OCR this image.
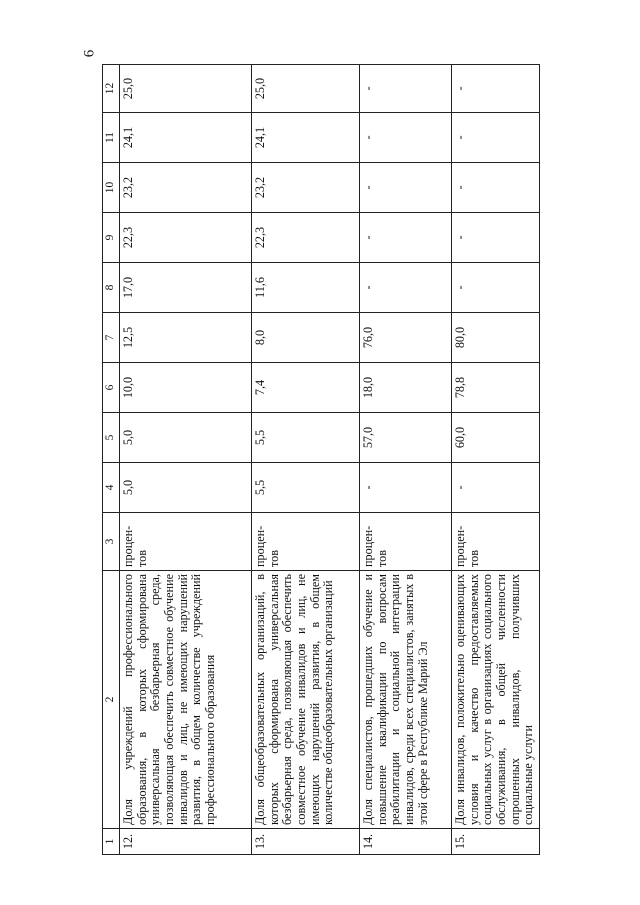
6
1	2	3	4	5	6	7	8	9	10	11	12
12.	Доля учреждений профессионального образования, в которых сформирована универсальная безбарьерная среда, позволяющая обеспечить совместное обучение инвалидов и лиц, не имеющих нарушений развития, в общем количестве учреждений профессионального образования	процен-тов	5,0	5,0	10,0	12,5	17,0	22,3	23,2	24,1	25,0
13.	Доля общеобразовательных организаций, в которых сформирована универсальная безбарьерная среда, позволяющая обеспечить совместное обучение инвалидов и лиц, не имеющих нарушений развития, в общем количестве общеобразовательных организаций	процен-тов	5,5	5,5	7,4	8,0	11,6	22,3	23,2	24,1	25,0
14.	Доля специалистов, прошедших обучение и повышение квалификации по вопросам реабилитации и социальной интеграции инвалидов, среди всех специалистов, занятых в этой сфере в Республике Марий Эл	процен-тов	-	57,0	18,0	76,0	-	-	-	-	-
15.	Доля инвалидов, положительно оценивающих условия и качество предоставляемых социальных услуг в организациях социального обслуживания, в общей численности опрошенных инвалидов, получивших социальные услуги	процен-тов	-	60,0	78,8	80,0	-	-	-	-	-
